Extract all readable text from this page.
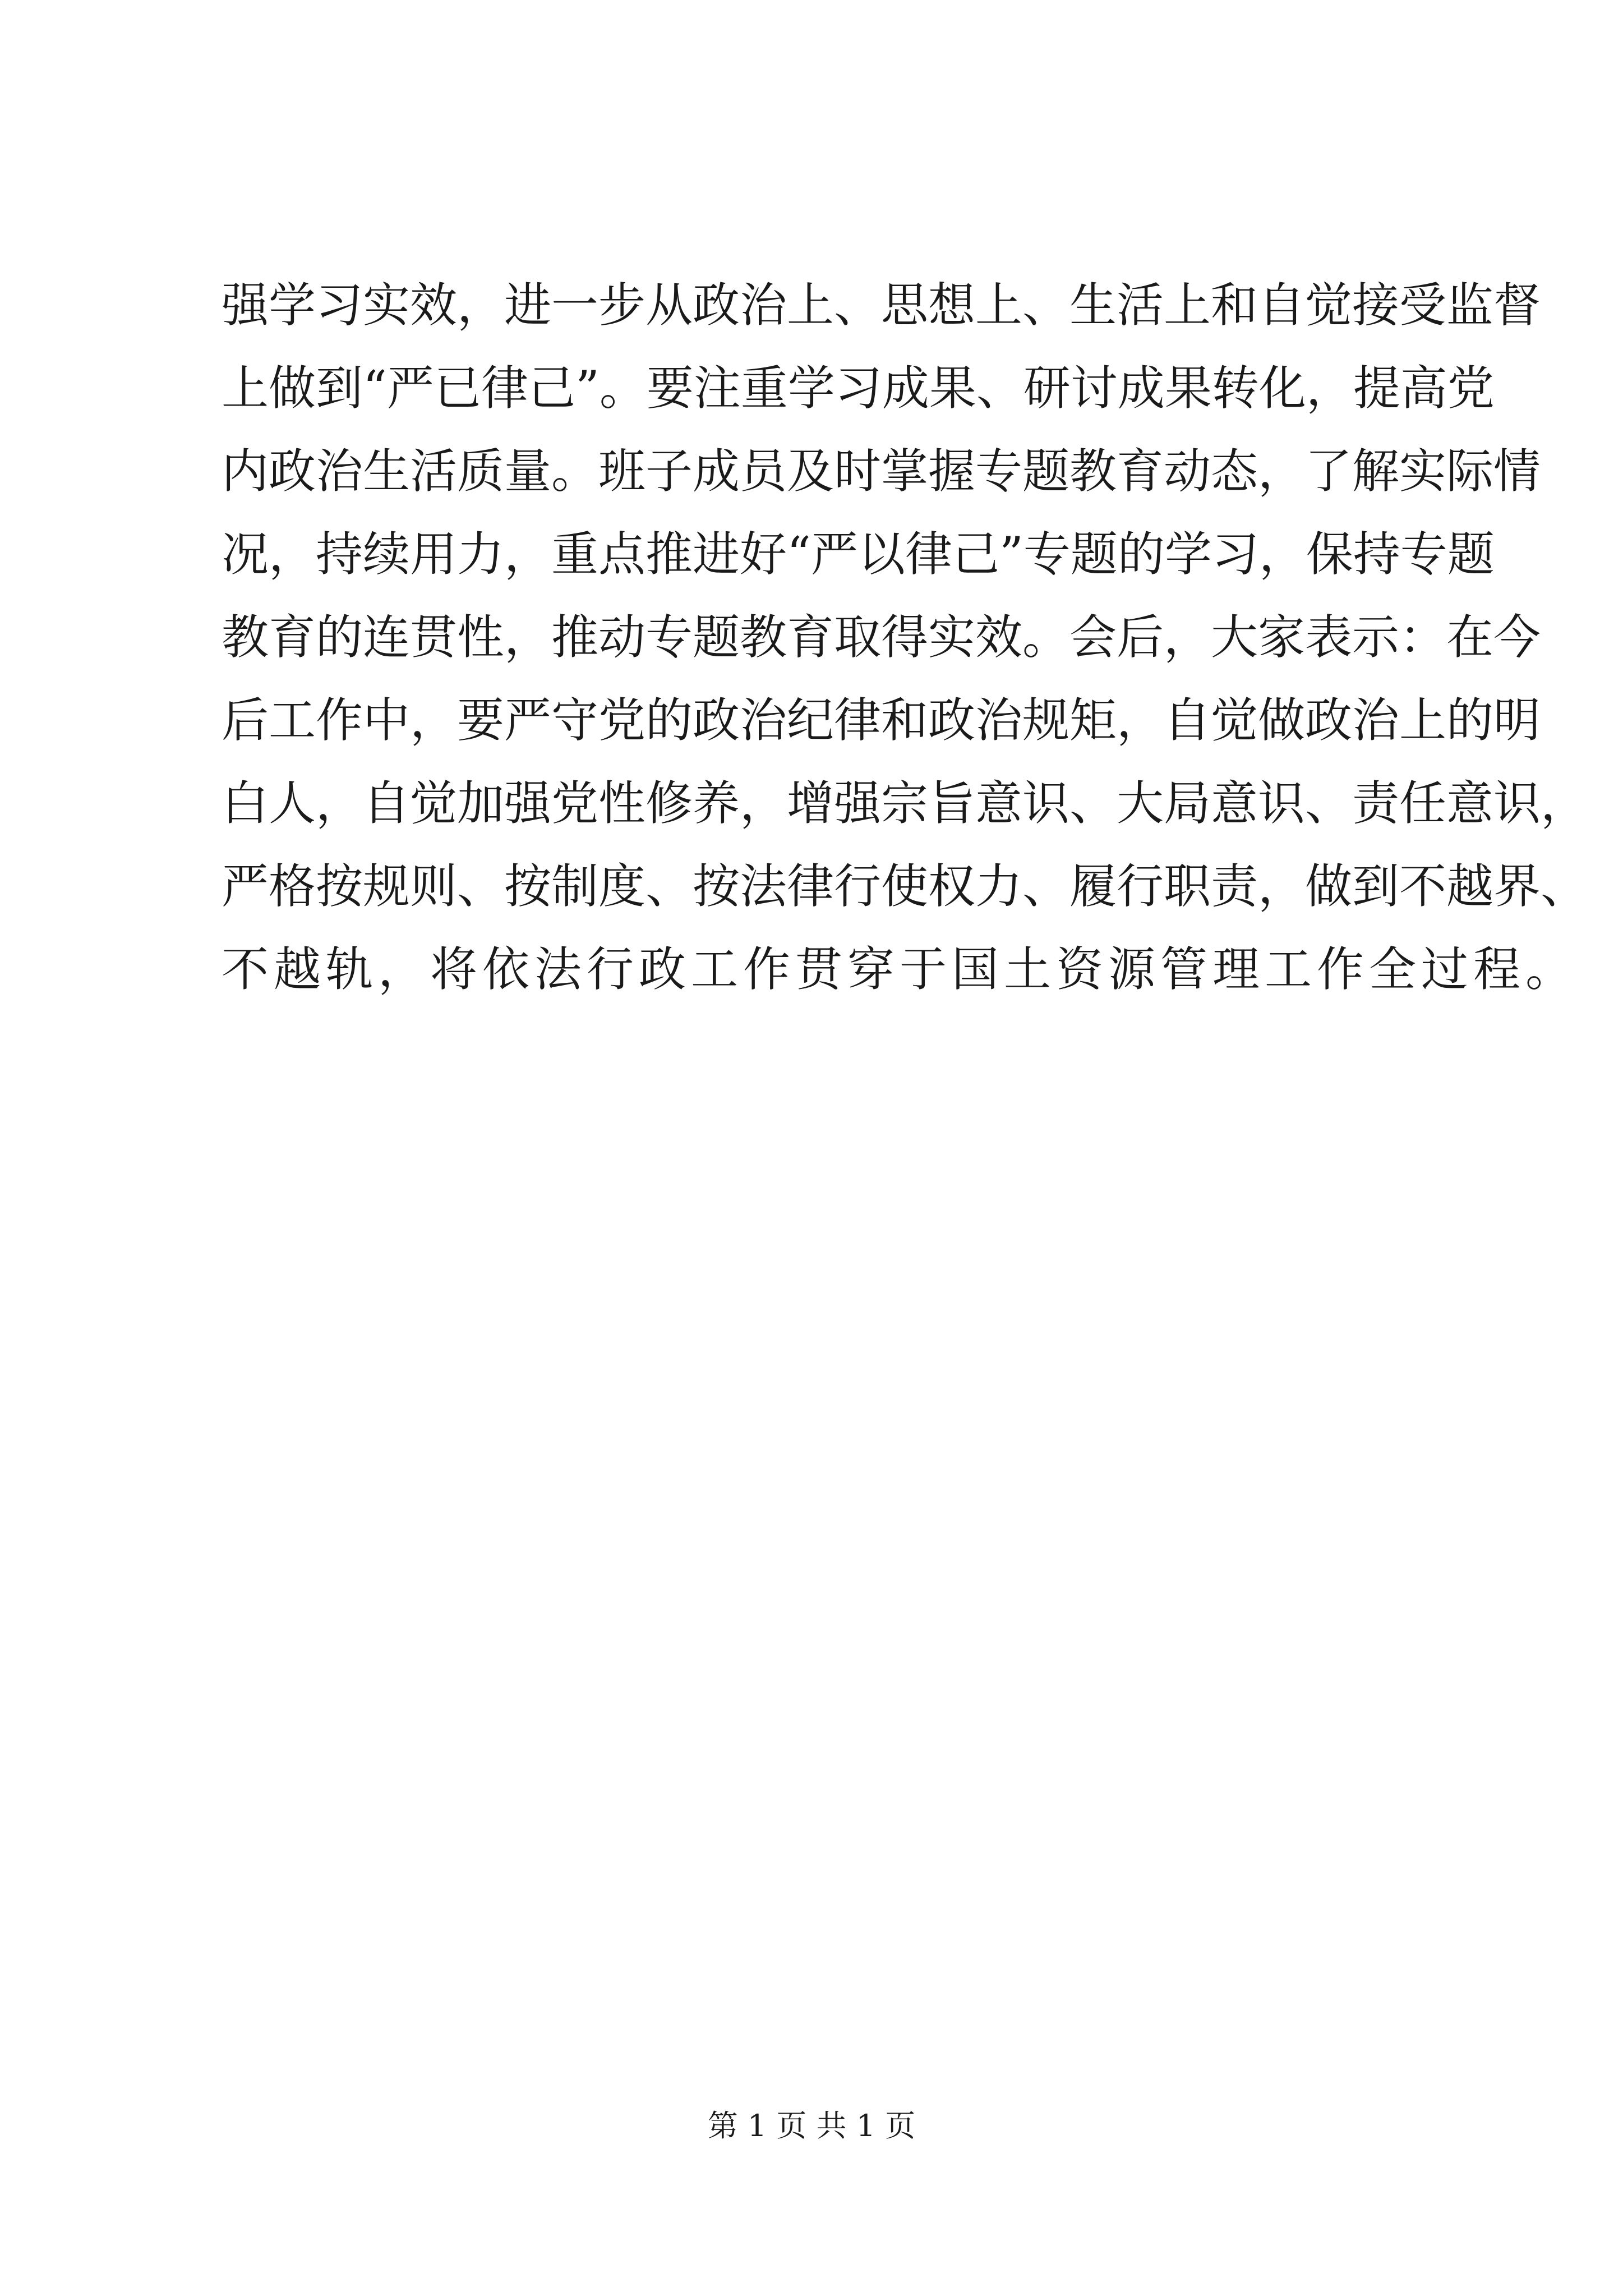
强学习实效，进一步从政治上、思想上、生活上和自觉接受监督
上做到“严已律己”。要注重学习成果、研讨成果转化，提高党
内政治生活质量。班子成员及时掌握专题教育动态，了解实际情
况，持续用力，重点推进好“严以律己”专题的学习，保持专题
教育的连贯性，推动专题教育取得实效。会后，大家表示：在今
后工作中，要严守党的政治纪律和政治规矩，自觉做政治上的明
白人，自觉加强党性修养，增强宗旨意识、大局意识、责任意识，
严格按规则、按制度、按法律行使权力、履行职责，做到不越界、
不越轨，将依法行政工作贯穿于国土资源管理工作全过程。
第 1 页 共 1 页
